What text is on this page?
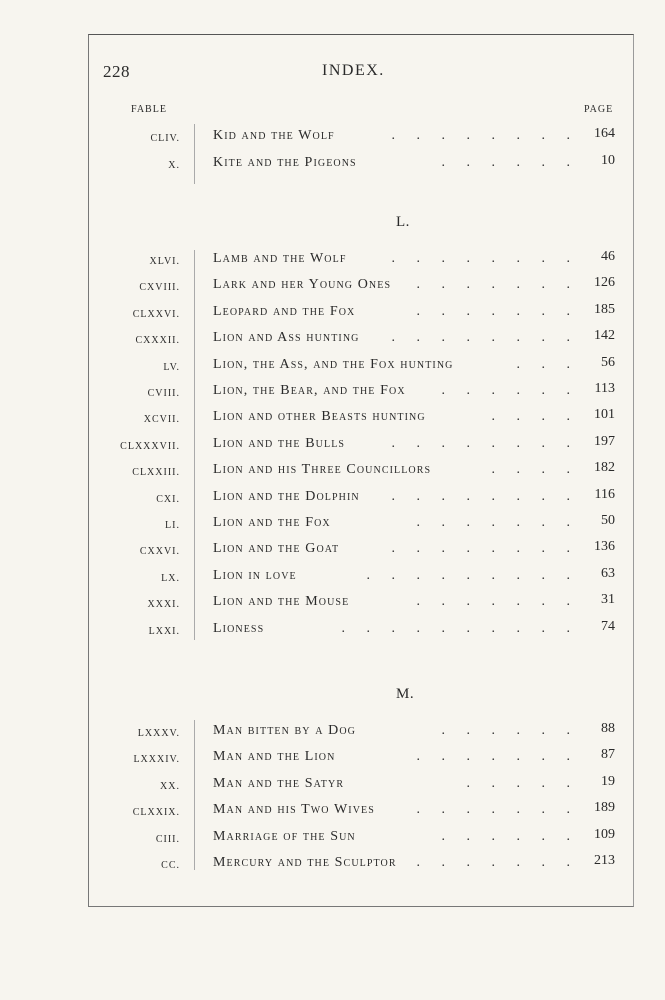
228	INDEX.
FABLE	PAGE
CLIV. Kid and the Wolf	. . . . . . . .	164
X. Kite and the Pigeons	. . . . . .	10
L.
XLVI. Lamb and the Wolf	. . . . . . . .	46
CXVIII. Lark and her Young Ones . . . . . . .	126
CLXXVI. Leopard and the Fox	. . . . . . .	185
CXXXII. Lion and Ass hunting . . . . . . . .	142
LV. Lion, the Ass, and the Fox hunting	. . .	56
CVIII. Lion, the Bear, and the Fox	. . . . . .	113
XCVII. Lion and other Beasts hunting	. . . .	101
CLXXXVII. Lion and the Bulls	. . . . . . . .	197
CLXXIII. Lion and his Three Councillors	. . . .	182
CXI. Lion and the Dolphin . . . . . . . .	116
LI. Lion and the Fox	. . . . . . .	50
CXXVI. Lion and the Goat	. . . . . . . .	136
LX. Lion in love	. . . . . . . . .	63
XXXI. Lion and the Mouse	. . . . . . .	31
LXXI. Lioness	. . . . . . . . . .	74
M.
LXXXV. Man bitten by a Dog	. . . . . .	88
LXXXIV. Man and the Lion	. . . . . . .	87
XX. Man and the Satyr	. . . . .	19
CLXXIX. Man and his Two Wives	. . . . . . .	189
CIII. Marriage of the Sun	. . . . . .	109
CC. Mercury and the Sculptor . . . . . . .	213
